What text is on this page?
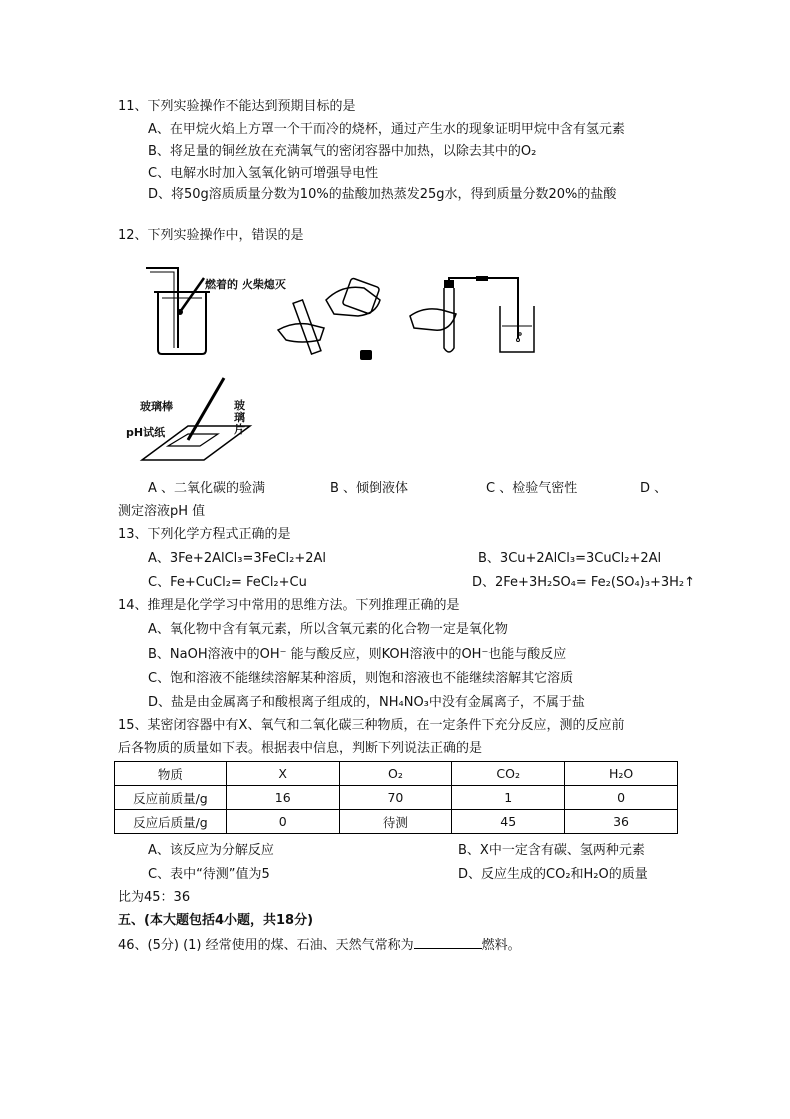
11、下列实验操作不能达到预期目标的是
A、在甲烷火焰上方罩一个干而冷的烧杯，通过产生水的现象证明甲烷中含有氢元素
B、将足量的铜丝放在充满氧气的密闭容器中加热，以除去其中的O₂
C、电解水时加入氢氧化钠可增强导电性
D、将50g溶质质量分数为10%的盐酸加热蒸发25g水，得到质量分数20%的盐酸
12、下列实验操作中，错误的是
燃着的 火柴熄灭
玻璃棒
pH试纸
玻璃片
A 、二氧化碳的验满	B 、倾倒液体	C 、检验气密性	D 、
测定溶液pH 值
13、下列化学方程式正确的是
A、3Fe+2AlCl₃=3FeCl₂+2Al	B、3Cu+2AlCl₃=3CuCl₂+2Al
C、Fe+CuCl₂= FeCl₂+Cu	D、2Fe+3H₂SO₄= Fe₂(SO₄)₃+3H₂↑
14、推理是化学学习中常用的思维方法。下列推理正确的是
A、氧化物中含有氧元素，所以含氧元素的化合物一定是氧化物
B、NaOH溶液中的OH⁻ 能与酸反应，则KOH溶液中的OH⁻也能与酸反应
C、饱和溶液不能继续溶解某种溶质，则饱和溶液也不能继续溶解其它溶质
D、盐是由金属离子和酸根离子组成的，NH₄NO₃中没有金属离子，不属于盐
15、某密闭容器中有X、氧气和二氧化碳三种物质，在一定条件下充分反应，测的反应前
后各物质的质量如下表。根据表中信息，判断下列说法正确的是
物质	X	O₂	CO₂	H₂O
反应前质量/g	16	70	1	0
反应后质量/g	0	待测	45	36
A、该反应为分解反应	B、X中一定含有碳、氢两种元素
C、表中“待测”值为5	D、反应生成的CO₂和H₂O的质量
比为45：36
五、(本大题包括4小题，共18分)
46、(5分) (1) 经常使用的煤、石油、天然气常称为	燃料。
